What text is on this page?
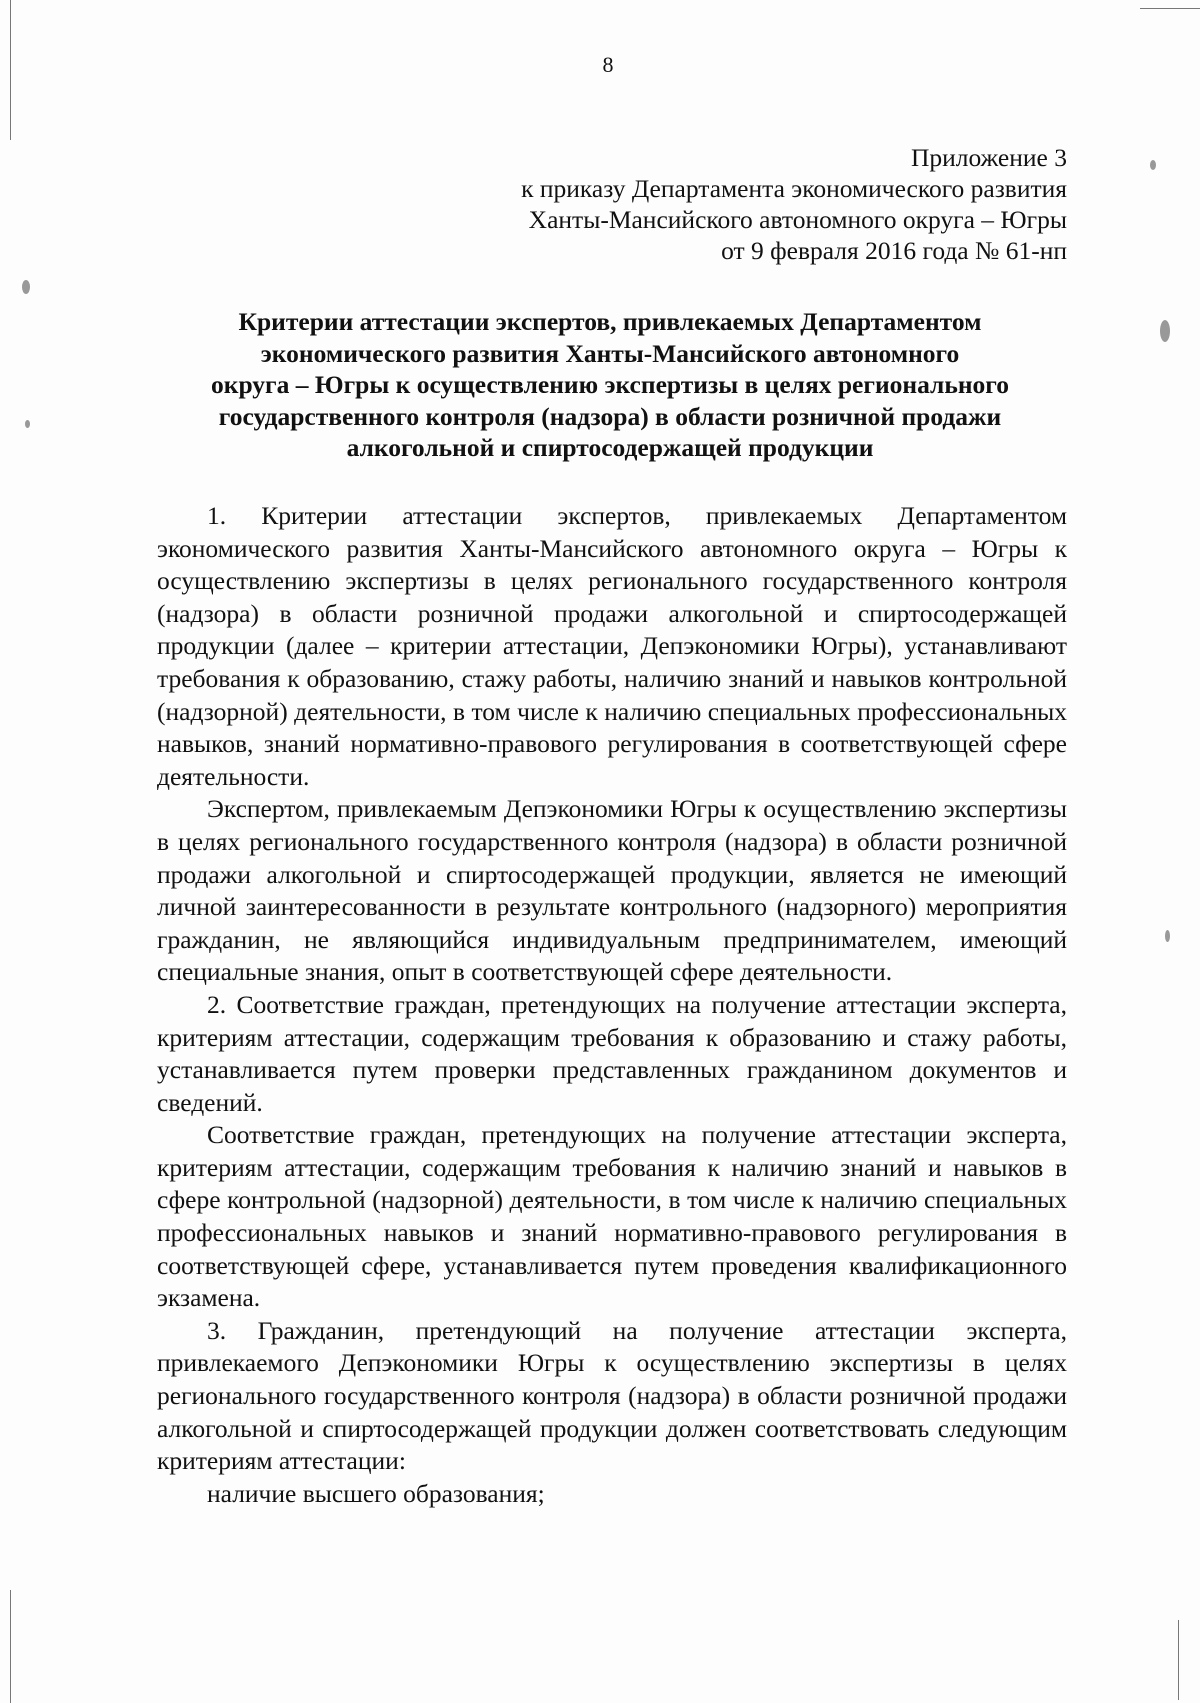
8
Приложение 3
к приказу Департамента экономического развития
Ханты-Мансийского автономного округа – Югры
от 9 февраля 2016 года № 61-нп
Критерии аттестации экспертов, привлекаемых Департаментом
экономического развития Ханты-Мансийского автономного
округа – Югры к осуществлению экспертизы в целях регионального
государственного контроля (надзора) в области розничной продажи
алкогольной и спиртосодержащей продукции

1. Критерии аттестации экспертов, привлекаемых Департаментом экономического развития Ханты-Мансийского автономного округа – Югры к осуществлению экспертизы в целях регионального государственного контроля (надзора) в области розничной продажи алкогольной и спиртосодержащей продукции (далее – критерии аттестации, Депэкономики Югры), устанавливают требования к образованию, стажу работы, наличию знаний и навыков контрольной (надзорной) деятельности, в том числе к наличию специальных профессиональных навыков, знаний нормативно-правового регулирования в соответствующей сфере деятельности.

Экспертом, привлекаемым Депэкономики Югры к осуществлению экспертизы в целях регионального государственного контроля (надзора) в области розничной продажи алкогольной и спиртосодержащей продукции, является не имеющий личной заинтересованности в результате контрольного (надзорного) мероприятия гражданин, не являющийся индивидуальным предпринимателем, имеющий специальные знания, опыт в соответствующей сфере деятельности.

2. Соответствие граждан, претендующих на получение аттестации эксперта, критериям аттестации, содержащим требования к образованию и стажу работы, устанавливается путем проверки представленных гражданином документов и сведений.

Соответствие граждан, претендующих на получение аттестации эксперта, критериям аттестации, содержащим требования к наличию знаний и навыков в сфере контрольной (надзорной) деятельности, в том числе к наличию специальных профессиональных навыков и знаний нормативно-правового регулирования в соответствующей сфере, устанавливается путем проведения квалификационного экзамена.

3. Гражданин, претендующий на получение аттестации эксперта, привлекаемого Депэкономики Югры к осуществлению экспертизы в целях регионального государственного контроля (надзора) в области розничной продажи алкогольной и спиртосодержащей продукции должен соответствовать следующим критериям аттестации:

наличие высшего образования;
